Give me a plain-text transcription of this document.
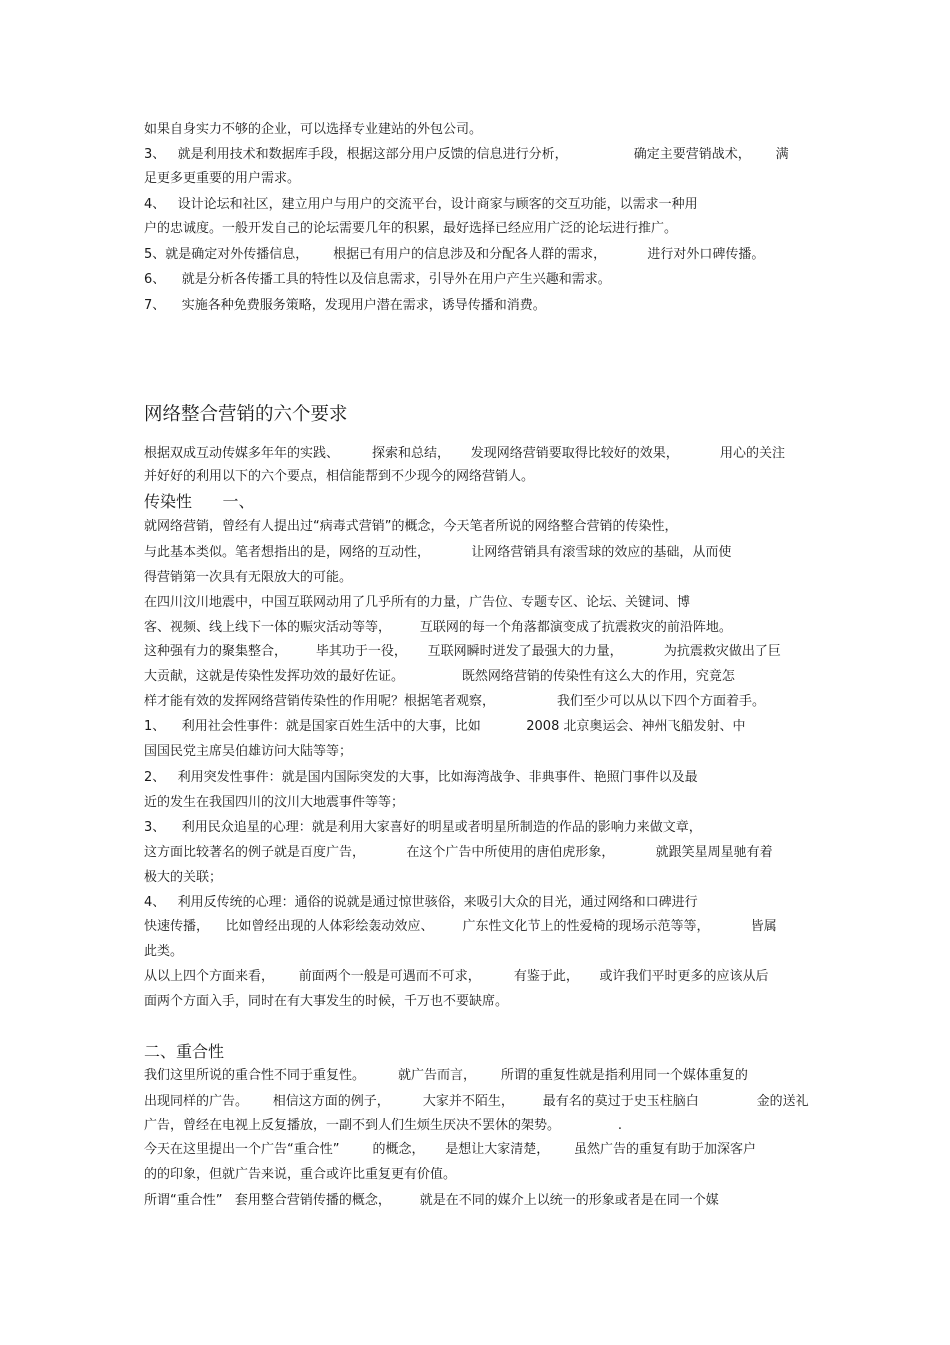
如果自身实力不够的企业，可以选择专业建站的外包公司。
3、   就是利用技术和数据库手段，根据这部分用户反馈的信息进行分析，                确定主要营销战术，      满
足更多更重要的用户需求。
4、   设计论坛和社区，建立用户与用户的交流平台，设计商家与顾客的交互功能，以需求一种用
户的忠诚度。一般开发自己的论坛需要几年的积累，最好选择已经应用广泛的论坛进行推广。
5、就是确定对外传播信息，      根据已有用户的信息涉及和分配各人群的需求，          进行对外口碑传播。
6、    就是分析各传播工具的特性以及信息需求，引导外在用户产生兴趣和需求。
7、    实施各种免费服务策略，发现用户潜在需求，诱导传播和消费。
网络整合营销的六个要求
根据双成互动传媒多年年的实践、        探索和总结，     发现网络营销要取得比较好的效果，          用心的关注
并好好的利用以下的六个要点，相信能帮到不少现今的网络营销人。
传染性      一、
就网络营销，曾经有人提出过“病毒式营销”的概念，今天笔者所说的网络整合营销的传染性，
与此基本类似。笔者想指出的是，网络的互动性，          让网络营销具有滚雪球的效应的基础，从而使
得营销第一次具有无限放大的可能。
在四川汶川地震中，中国互联网动用了几乎所有的力量，广告位、专题专区、论坛、关键词、博
客、视频、线上线下一体的赈灾活动等等，       互联网的每一个角落都演变成了抗震救灾的前沿阵地。
这种强有力的聚集整合，       毕其功于一役，     互联网瞬时迸发了最强大的力量，          为抗震救灾做出了巨
大贡献，这就是传染性发挥功效的最好佐证。              既然网络营销的传染性有这么大的作用，究竟怎
样才能有效的发挥网络营销传染性的作用呢？根据笔者观察，               我们至少可以从以下四个方面着手。
1、    利用社会性事件：就是国家百姓生活中的大事，比如           2008 北京奥运会、神州飞船发射、中
国国民党主席吴伯雄访问大陆等等；
2、   利用突发性事件：就是国内国际突发的大事，比如海湾战争、非典事件、艳照门事件以及最
近的发生在我国四川的汶川大地震事件等等；
3、    利用民众追星的心理：就是利用大家喜好的明星或者明星所制造的作品的影响力来做文章，
这方面比较著名的例子就是百度广告，          在这个广告中所使用的唐伯虎形象，          就跟笑星周星驰有着
极大的关联；
4、   利用反传统的心理：通俗的说就是通过惊世骇俗，来吸引大众的目光，通过网络和口碑进行
快速传播，    比如曾经出现的人体彩绘轰动效应、       广东性文化节上的性爱椅的现场示范等等，          皆属
此类。
从以上四个方面来看，      前面两个一般是可遇而不可求，        有鉴于此，     或许我们平时更多的应该从后
面两个方面入手，同时在有大事发生的时候，千万也不要缺席。
二、重合性
我们这里所说的重合性不同于重复性。        就广告而言，      所谓的重复性就是指利用同一个媒体重复的
出现同样的广告。      相信这方面的例子，        大家并不陌生，       最有名的莫过于史玉柱脑白              金的送礼
广告，曾经在电视上反复播放，一副不到人们生烦生厌决不罢休的架势。              .
今天在这里提出一个广告“重合性”        的概念，     是想让大家清楚，      虽然广告的重复有助于加深客户
的的印象，但就广告来说，重合或许比重复更有价值。
所谓“重合性”   套用整合营销传播的概念，       就是在不同的媒介上以统一的形象或者是在同一个媒
